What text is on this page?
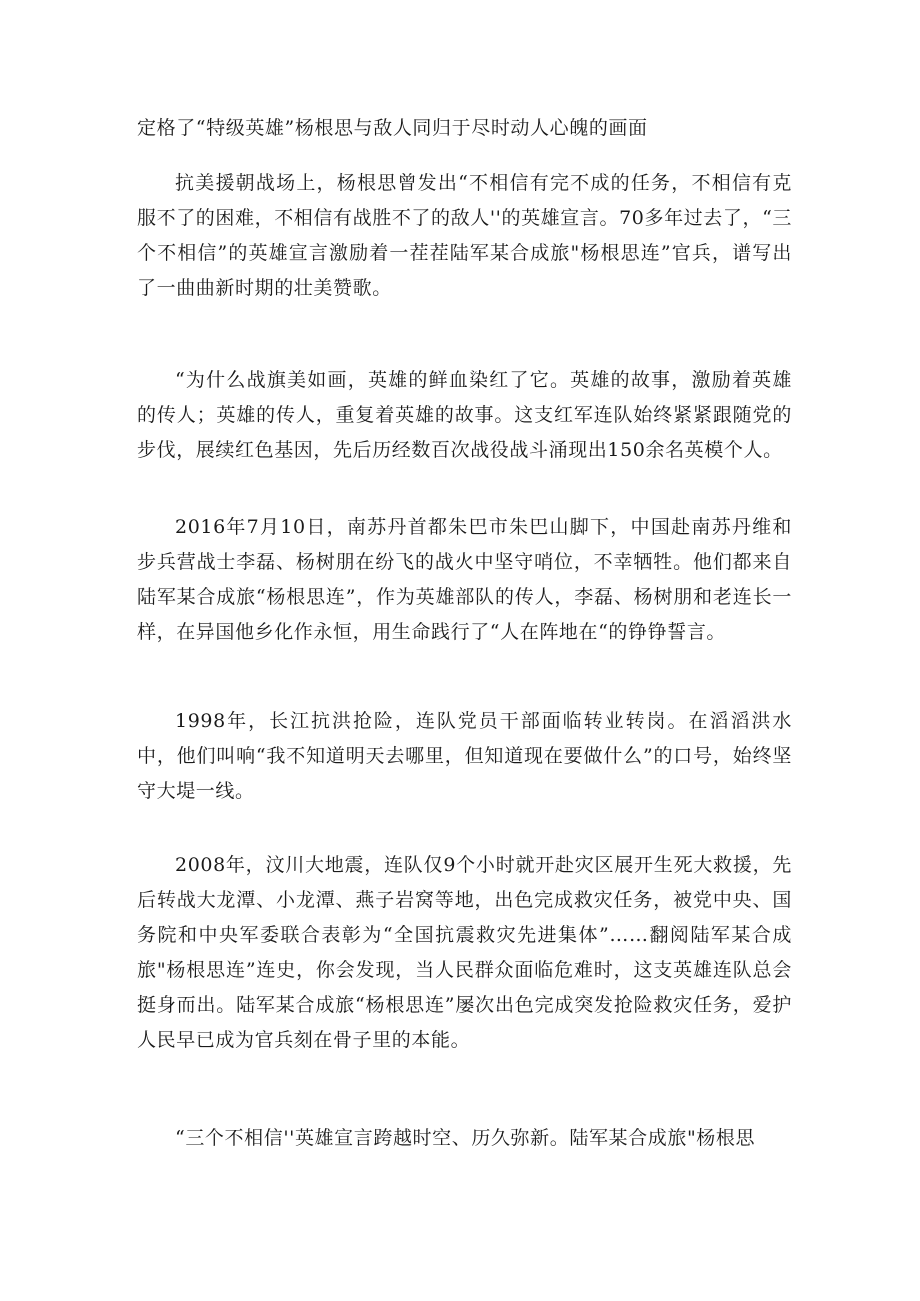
定格了“特级英雄”杨根思与敌人同归于尽时动人心魄的画面

抗美援朝战场上，杨根思曾发出“不相信有完不成的任务，不相信有克服不了的困难，不相信有战胜不了的敌人''的英雄宣言。70多年过去了，“三个不相信”的英雄宣言激励着一茬茬陆军某合成旅"杨根思连”官兵，谱写出了一曲曲新时期的壮美赞歌。

“为什么战旗美如画，英雄的鲜血染红了它。英雄的故事，激励着英雄的传人；英雄的传人，重复着英雄的故事。这支红军连队始终紧紧跟随党的步伐，展续红色基因，先后历经数百次战役战斗涌现出150余名英模个人。

2016年7月10日，南苏丹首都朱巴市朱巴山脚下，中国赴南苏丹维和步兵营战士李磊、杨树朋在纷飞的战火中坚守哨位，不幸牺牲。他们都来自陆军某合成旅“杨根思连”，作为英雄部队的传人，李磊、杨树朋和老连长一样，在异国他乡化作永恒，用生命践行了“人在阵地在“的铮铮誓言。

1998年，长江抗洪抢险，连队党员干部面临转业转岗。在滔滔洪水中，他们叫响“我不知道明天去哪里，但知道现在要做什么”的口号，始终坚守大堤一线。

2008年，汶川大地震，连队仅9个小时就开赴灾区展开生死大救援，先后转战大龙潭、小龙潭、燕子岩窝等地，出色完成救灾任务，被党中央、国务院和中央军委联合表彰为“全国抗震救灾先进集体”……翻阅陆军某合成旅"杨根思连”连史，你会发现，当人民群众面临危难时，这支英雄连队总会挺身而出。陆军某合成旅“杨根思连”屡次出色完成突发抢险救灾任务，爱护人民早已成为官兵刻在骨子里的本能。

“三个不相信''英雄宣言跨越时空、历久弥新。陆军某合成旅"杨根思
